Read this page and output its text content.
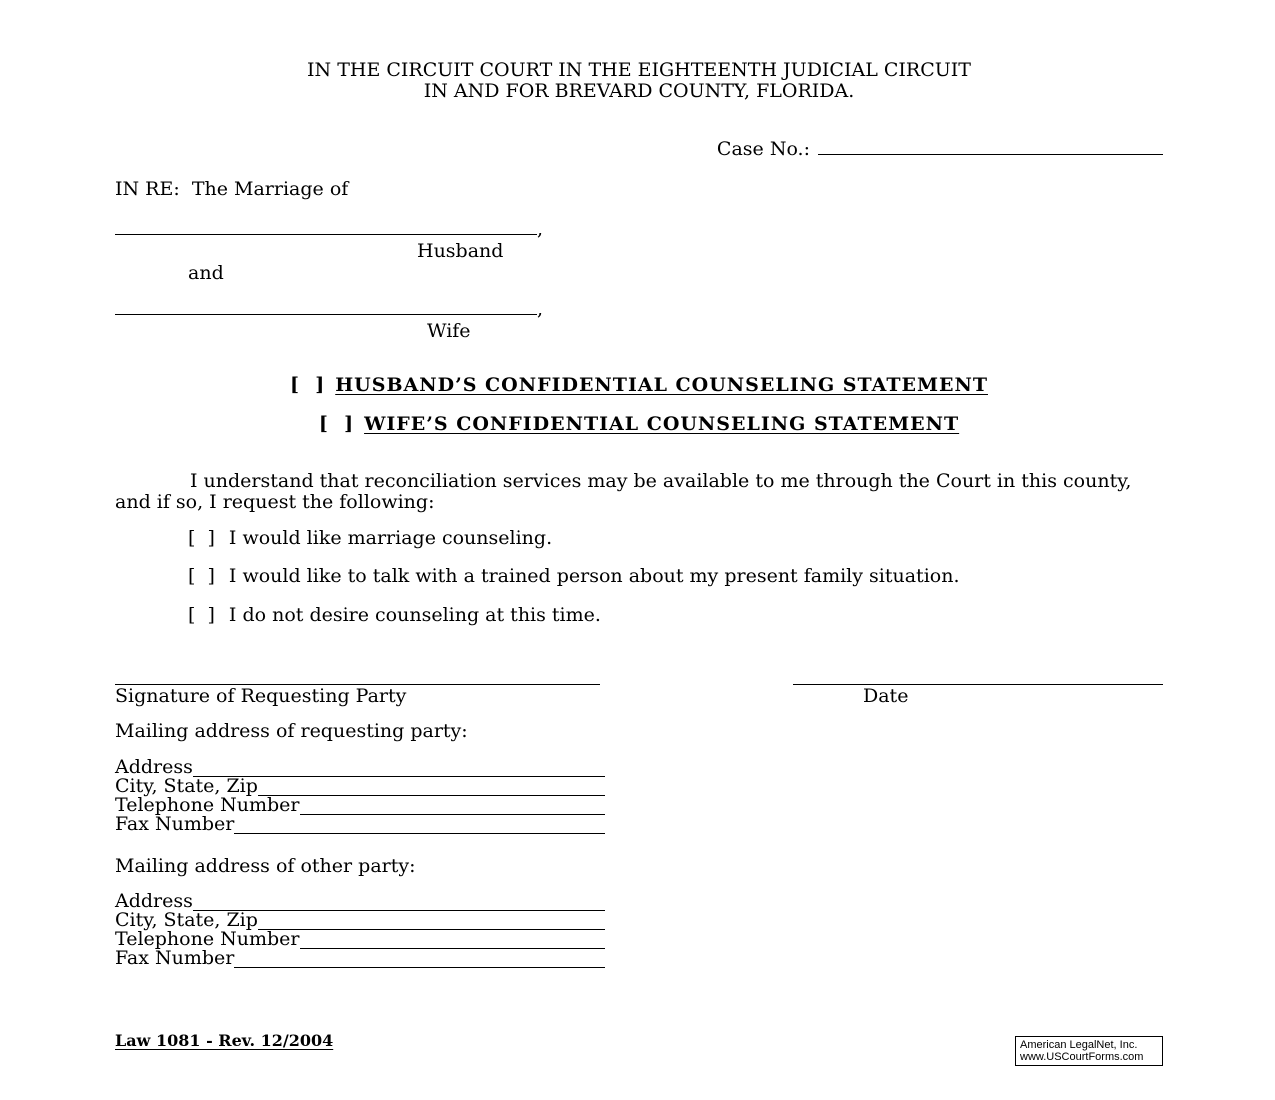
IN THE CIRCUIT COURT IN THE EIGHTEENTH JUDICIAL CIRCUIT
IN AND FOR BREVARD COUNTY, FLORIDA.
Case No.:
IN RE:  The Marriage of
,
Husband
and
,
Wife
[  ] HUSBAND’S CONFIDENTIAL COUNSELING STATEMENT
[  ] WIFE’S CONFIDENTIAL COUNSELING STATEMENT
I understand that reconciliation services may be available to me through the Court in this county, and if so, I request the following:
[  ] I would like marriage counseling.
[  ] I would like to talk with a trained person about my present family situation.
[  ] I do not desire counseling at this time.
Signature of Requesting Party	Date
Mailing address of requesting party:
Address
City, State, Zip
Telephone Number
Fax Number
Mailing address of other party:
Address
City, State, Zip
Telephone Number
Fax Number
Law 1081 - Rev. 12/2004	American LegalNet, Inc.
www.USCourtForms.com
